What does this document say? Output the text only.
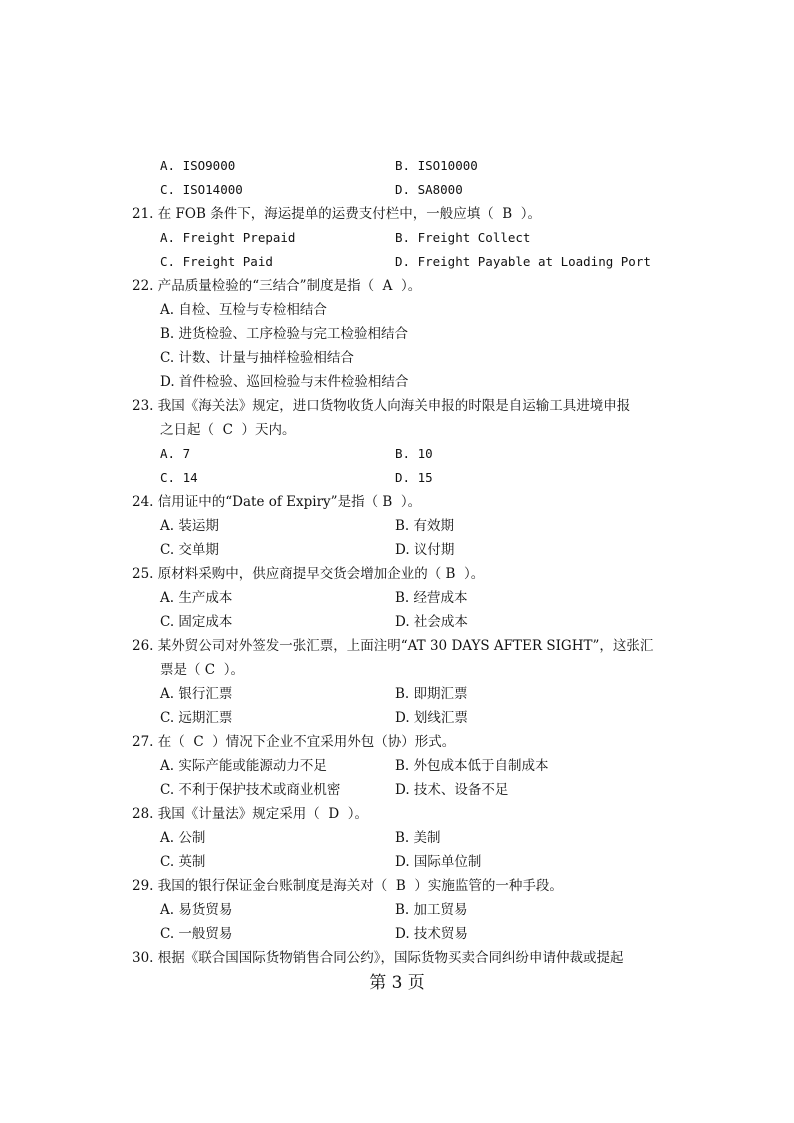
A. ISO9000	B. ISO10000
C. ISO14000	D. SA8000
21. 在 FOB 条件下，海运提单的运费支付栏中，一般应填（  B  ）。
A. Freight Prepaid	B. Freight Collect
C. Freight Paid	D. Freight Payable at Loading Port
22. 产品质量检验的“三结合”制度是指（  A  ）。
A. 自检、互检与专检相结合
B. 进货检验、工序检验与完工检验相结合
C. 计数、计量与抽样检验相结合
D. 首件检验、巡回检验与末件检验相结合
23. 我国《海关法》规定，进口货物收货人向海关申报的时限是自运输工具进境申报
之日起（  C  ）天内。
A. 7	B. 10
C. 14	D. 15
24. 信用证中的“Date of Expiry”是指（ B  ）。
A. 装运期	B. 有效期
C. 交单期	D. 议付期
25. 原材料采购中，供应商提早交货会增加企业的（ B  ）。
A. 生产成本	B. 经营成本
C. 固定成本	D. 社会成本
26. 某外贸公司对外签发一张汇票，上面注明“AT 30 DAYS AFTER SIGHT”，这张汇
票是（ C  ）。
A. 银行汇票	B. 即期汇票
C. 远期汇票	D. 划线汇票
27. 在（  C  ）情况下企业不宜采用外包（协）形式。
A. 实际产能或能源动力不足	B. 外包成本低于自制成本
C. 不利于保护技术或商业机密	D. 技术、设备不足
28. 我国《计量法》规定采用（  D  ）。
A. 公制	B. 美制
C. 英制	D. 国际单位制
29. 我国的银行保证金台账制度是海关对（  B  ）实施监管的一种手段。
A. 易货贸易	B. 加工贸易
C. 一般贸易	D. 技术贸易
30. 根据《联合国国际货物销售合同公约》，国际货物买卖合同纠纷申请仲裁或提起
第 3 页
